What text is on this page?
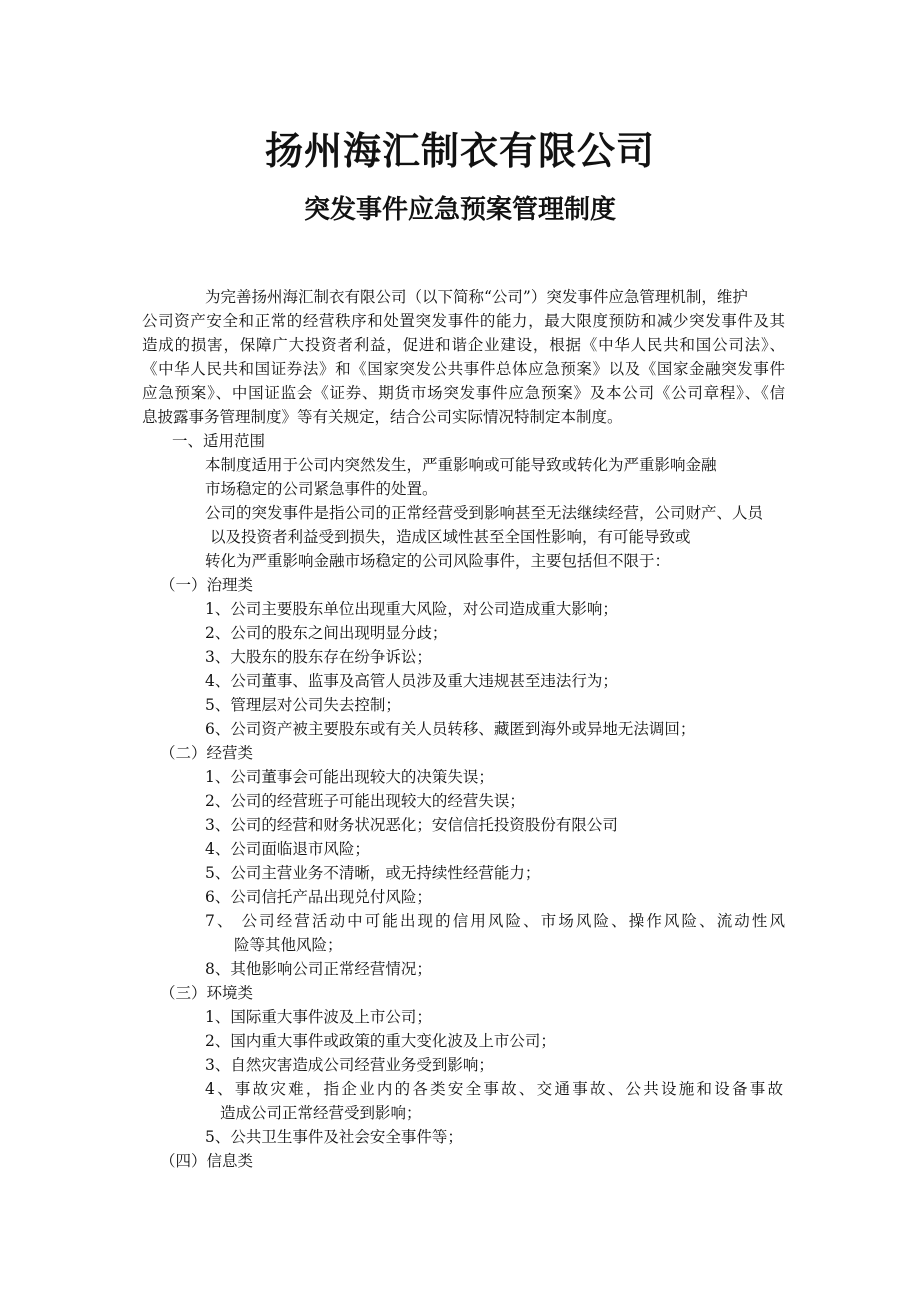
扬州海汇制衣有限公司
突发事件应急预案管理制度
为完善扬州海汇制衣有限公司（以下简称“公司”）突发事件应急管理机制，维护
公司资产安全和正常的经营秩序和处置突发事件的能力，最大限度预防和减少突发事件及其
造成的损害，保障广大投资者利益，促进和谐企业建设，根据《中华人民共和国公司法》、
《中华人民共和国证券法》和《国家突发公共事件总体应急预案》以及《国家金融突发事件
应急预案》、中国证监会《证券、期货市场突发事件应急预案》及本公司《公司章程》、《信
息披露事务管理制度》等有关规定，结合公司实际情况特制定本制度。
一、适用范围
本制度适用于公司内突然发生，严重影响或可能导致或转化为严重影响金融
市场稳定的公司紧急事件的处置。
公司的突发事件是指公司的正常经营受到影响甚至无法继续经营，公司财产、人员
以及投资者利益受到损失，造成区域性甚至全国性影响，有可能导致或
转化为严重影响金融市场稳定的公司风险事件，主要包括但不限于：
（一）治理类
1、公司主要股东单位出现重大风险，对公司造成重大影响；
2、公司的股东之间出现明显分歧；
3、大股东的股东存在纷争诉讼；
4、公司董事、监事及高管人员涉及重大违规甚至违法行为；
5、管理层对公司失去控制；
6、公司资产被主要股东或有关人员转移、藏匿到海外或异地无法调回；
（二）经营类
1、公司董事会可能出现较大的决策失误；
2、公司的经营班子可能出现较大的经营失误；
3、公司的经营和财务状况恶化；安信信托投资股份有限公司
4、公司面临退市风险；
5、公司主营业务不清晰，或无持续性经营能力；
6、公司信托产品出现兑付风险；
7、 公司经营活动中可能出现的信用风险、市场风险、操作风险、流动性风
险等其他风险；
8、其他影响公司正常经营情况；
（三）环境类
1、国际重大事件波及上市公司；
2、国内重大事件或政策的重大变化波及上市公司；
3、自然灾害造成公司经营业务受到影响；
4、事故灾难，指企业内的各类安全事故、交通事故、公共设施和设备事故
造成公司正常经营受到影响；
5、公共卫生事件及社会安全事件等；
（四）信息类
